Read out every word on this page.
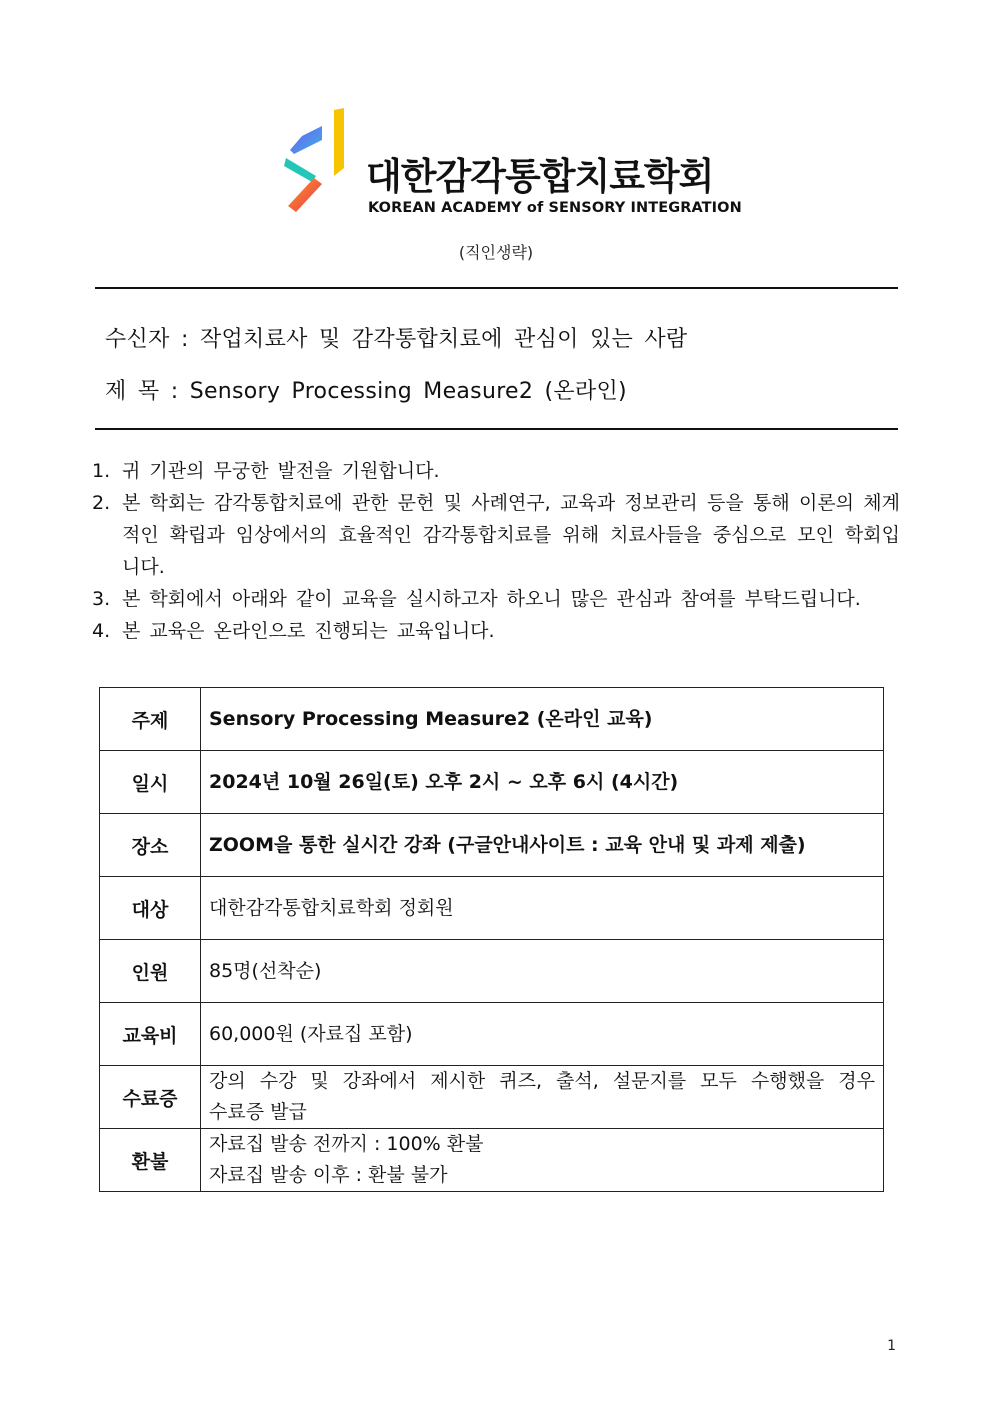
대한감각통합치료학회
KOREAN ACADEMY of SENSORY INTEGRATION
(직인생략)
수신자 : 작업치료사 및 감각통합치료에 관심이 있는 사람
제 목 : Sensory Processing Measure2 (온라인)
1. 귀 기관의 무궁한 발전을 기원합니다.
2. 본 학회는 감각통합치료에 관한 문헌 및 사례연구, 교육과 정보관리 등을 통해 이론의 체계적인 확립과 임상에서의 효율적인 감각통합치료를 위해 치료사들을 중심으로 모인 학회입니다.
3. 본 학회에서 아래와 같이 교육을 실시하고자 하오니 많은 관심과 참여를 부탁드립니다.
4. 본 교육은 온라인으로 진행되는 교육입니다.
주제	Sensory Processing Measure2 (온라인 교육)

일시	2024년 10월 26일(토) 오후 2시 ~ 오후 6시 (4시간)

장소	ZOOM을 통한 실시간 강좌 (구글안내사이트 : 교육 안내 및 과제 제출)

대상	대한감각통합치료학회 정회원

인원	85명(선착순)

교육비	60,000원 (자료집 포함)

수료증	강의 수강 및 강좌에서 제시한 퀴즈, 출석, 설문지를 모두 수행했을 경우
수료증 발급

환불	자료집 발송 전까지 : 100% 환불
자료집 발송 이후 : 환불 불가
1
